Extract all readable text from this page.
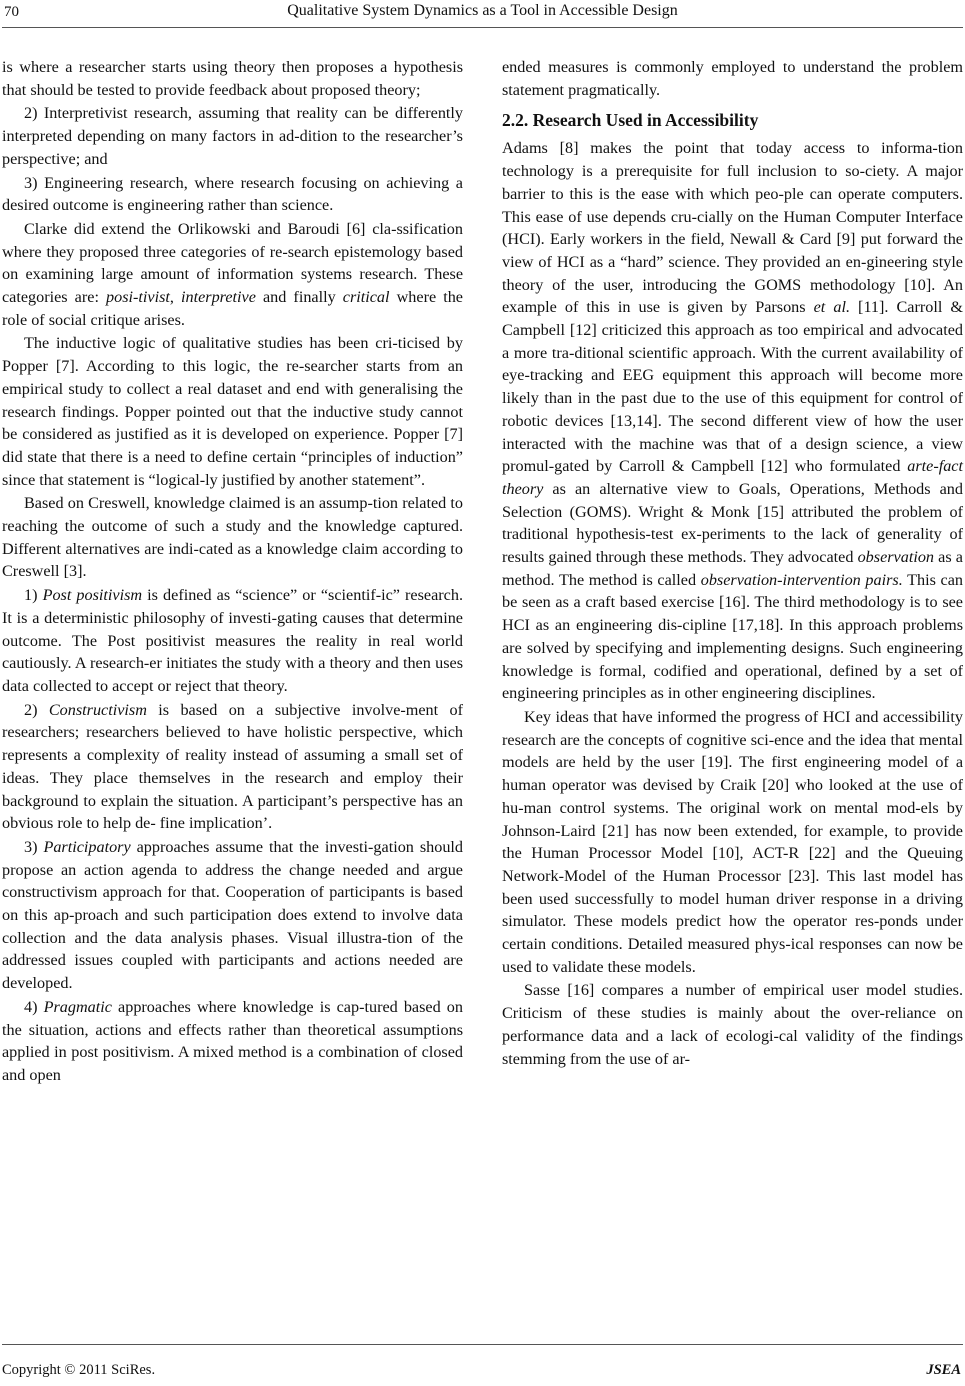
70	Qualitative System Dynamics as a Tool in Accessible Design

is where a researcher starts using theory then proposes a hypothesis that should be tested to provide feedback about proposed theory;

2) Interpretivist research, assuming that reality can be differently interpreted depending on many factors in ad-dition to the researcher’s perspective; and

3) Engineering research, where research focusing on achieving a desired outcome is engineering rather than science.

Clarke did extend the Orlikowski and Baroudi [6] cla-ssification where they proposed three categories of re-search epistemology based on examining large amount of information systems research. These categories are: posi-tivist, interpretive and finally critical where the role of social critique arises.

The inductive logic of qualitative studies has been cri-ticised by Popper [7]. According to this logic, the re-searcher starts from an empirical study to collect a real dataset and end with generalising the research findings. Popper pointed out that the inductive study cannot be considered as justified as it is developed on experience. Popper [7] did state that there is a need to define certain “principles of induction” since that statement is “logical-ly justified by another statement”.

Based on Creswell, knowledge claimed is an assump-tion related to reaching the outcome of such a study and the knowledge captured. Different alternatives are indi-cated as a knowledge claim according to Creswell [3].

1) Post positivism is defined as “science” or “scientif-ic” research. It is a deterministic philosophy of investi-gating causes that determine outcome. The Post positivist measures the reality in real world cautiously. A research-er initiates the study with a theory and then uses data collected to accept or reject that theory.

2) Constructivism is based on a subjective involve-ment of researchers; researchers believed to have holistic perspective, which represents a complexity of reality instead of assuming a small set of ideas. They place themselves in the research and employ their background to explain the situation. A participant’s perspective has an obvious role to help de- fine implication’.

3) Participatory approaches assume that the investi-gation should propose an action agenda to address the change needed and argue constructivism approach for that. Cooperation of participants is based on this ap-proach and such participation does extend to involve data collection and the data analysis phases. Visual illustra-tion of the addressed issues coupled with participants and actions needed are developed.

4) Pragmatic approaches where knowledge is cap-tured based on the situation, actions and effects rather than theoretical assumptions applied in post positivism. A mixed method is a combination of closed and open

ended measures is commonly employed to understand the problem statement pragmatically.

2.2. Research Used in Accessibility

Adams [8] makes the point that today access to informa-tion technology is a prerequisite for full inclusion to so-ciety. A major barrier to this is the ease with which peo-ple can operate computers. This ease of use depends cru-cially on the Human Computer Interface (HCI). Early workers in the field, Newall & Card [9] put forward the view of HCI as a “hard” science. They provided an en-gineering style theory of the user, introducing the GOMS methodology [10]. An example of this in use is given by Parsons et al. [11]. Carroll & Campbell [12] criticized this approach as too empirical and advocated a more tra-ditional scientific approach. With the current availability of eye-tracking and EEG equipment this approach will become more likely than in the past due to the use of this equipment for control of robotic devices [13,14]. The second different view of how the user interacted with the machine was that of a design science, a view promul-gated by Carroll & Campbell [12] who formulated arte-fact theory as an alternative view to Goals, Operations, Methods and Selection (GOMS). Wright & Monk [15] attributed the problem of traditional hypothesis-test ex-periments to the lack of generality of results gained through these methods. They advocated observation as a method. The method is called observation-intervention pairs. This can be seen as a craft based exercise [16]. The third methodology is to see HCI as an engineering dis-cipline [17,18]. In this approach problems are solved by specifying and implementing designs. Such engineering knowledge is formal, codified and operational, defined by a set of engineering principles as in other engineering disciplines.

Key ideas that have informed the progress of HCI and accessibility research are the concepts of cognitive sci-ence and the idea that mental models are held by the user [19]. The first engineering model of a human operator was devised by Craik [20] who looked at the use of hu-man control systems. The original work on mental mod-els by Johnson-Laird [21] has now been extended, for example, to provide the Human Processor Model [10], ACT-R [22] and the Queuing Network-Model of the Human Processor [23]. This last model has been used successfully to model human driver response in a driving simulator. These models predict how the operator res-ponds under certain conditions. Detailed measured phys-ical responses can now be used to validate these models.

Sasse [16] compares a number of empirical user model studies. Criticism of these studies is mainly about the over-reliance on performance data and a lack of ecologi-cal validity of the findings stemming from the use of ar-

Copyright © 2011 SciRes.	JSEA
